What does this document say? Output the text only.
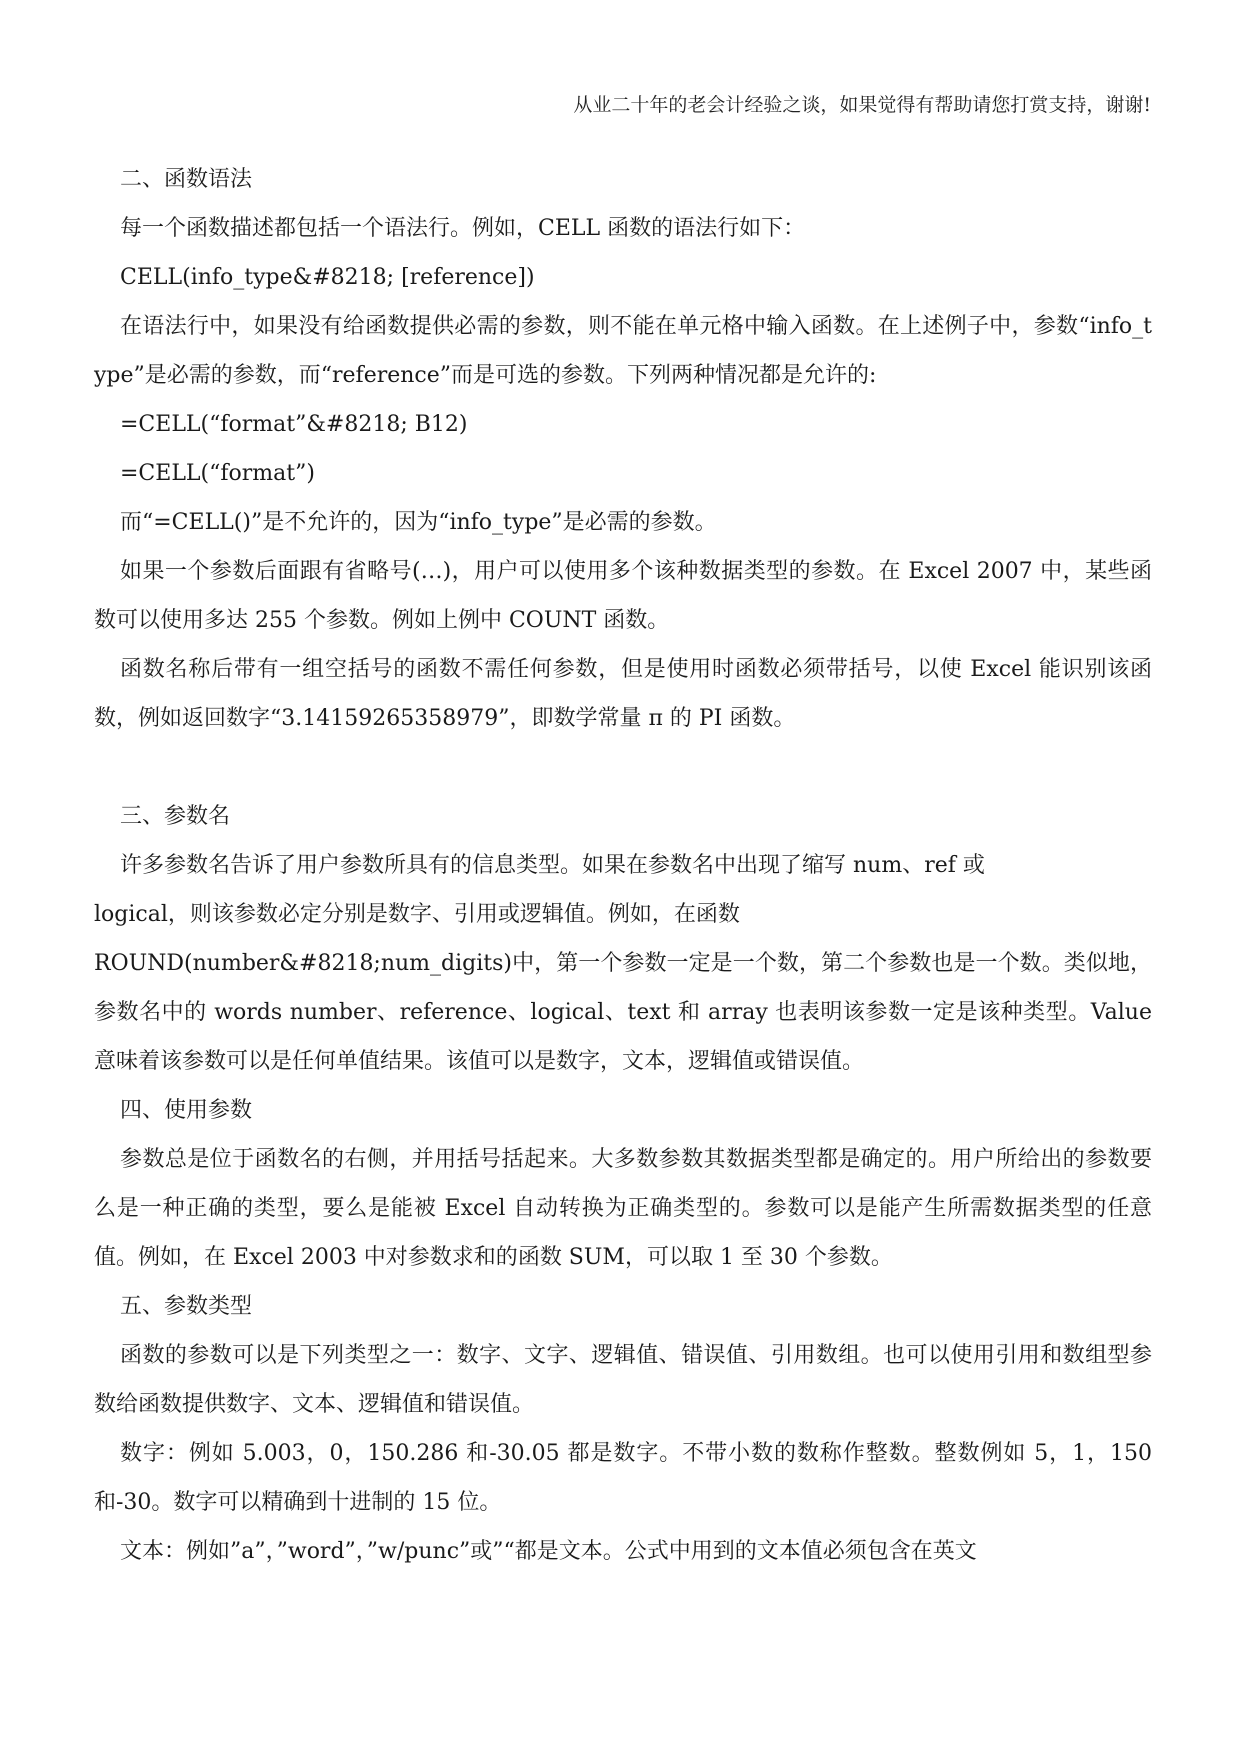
从业二十年的老会计经验之谈，如果觉得有帮助请您打赏支持，谢谢!

二、函数语法

每一个函数描述都包括一个语法行。例如，CELL 函数的语法行如下：

CELL(info_type&#8218; [reference])

在语法行中，如果没有给函数提供必需的参数，则不能在单元格中输入函数。在上述例子中，参数“info_type”是必需的参数，而“reference”而是可选的参数。下列两种情况都是允许的:

=CELL(“format”&#8218; B12)

=CELL(“format”)

而“=CELL()”是不允许的，因为“info_type”是必需的参数。

如果一个参数后面跟有省略号(…)，用户可以使用多个该种数据类型的参数。在 Excel 2007 中，某些函数可以使用多达 255 个参数。例如上例中 COUNT 函数。

函数名称后带有一组空括号的函数不需任何参数，但是使用时函数必须带括号，以使 Excel 能识别该函数，例如返回数字“3.14159265358979”，即数学常量 π 的 PI 函数。

三、参数名

许多参数名告诉了用户参数所具有的信息类型。如果在参数名中出现了缩写 num、ref 或

logical，则该参数必定分别是数字、引用或逻辑值。例如，在函数

ROUND(number&#8218;num_digits)中，第一个参数一定是一个数，第二个参数也是一个数。类似地，参数名中的 words number、reference、logical、text 和 array 也表明该参数一定是该种类型。Value 意味着该参数可以是任何单值结果。该值可以是数字，文本，逻辑值或错误值。

四、使用参数

参数总是位于函数名的右侧，并用括号括起来。大多数参数其数据类型都是确定的。用户所给出的参数要么是一种正确的类型，要么是能被 Excel 自动转换为正确类型的。参数可以是能产生所需数据类型的任意值。例如，在 Excel 2003 中对参数求和的函数 SUM，可以取 1 至 30 个参数。

五、参数类型

函数的参数可以是下列类型之一：数字、文字、逻辑值、错误值、引用数组。也可以使用引用和数组型参数给函数提供数字、文本、逻辑值和错误值。

数字：例如 5.003，0，150.286 和-30.05 都是数字。不带小数的数称作整数。整数例如 5，1，150 和-30。数字可以精确到十进制的 15 位。

文本：例如”a”，”word”，”w/punc”或”“都是文本。公式中用到的文本值必须包含在英文
